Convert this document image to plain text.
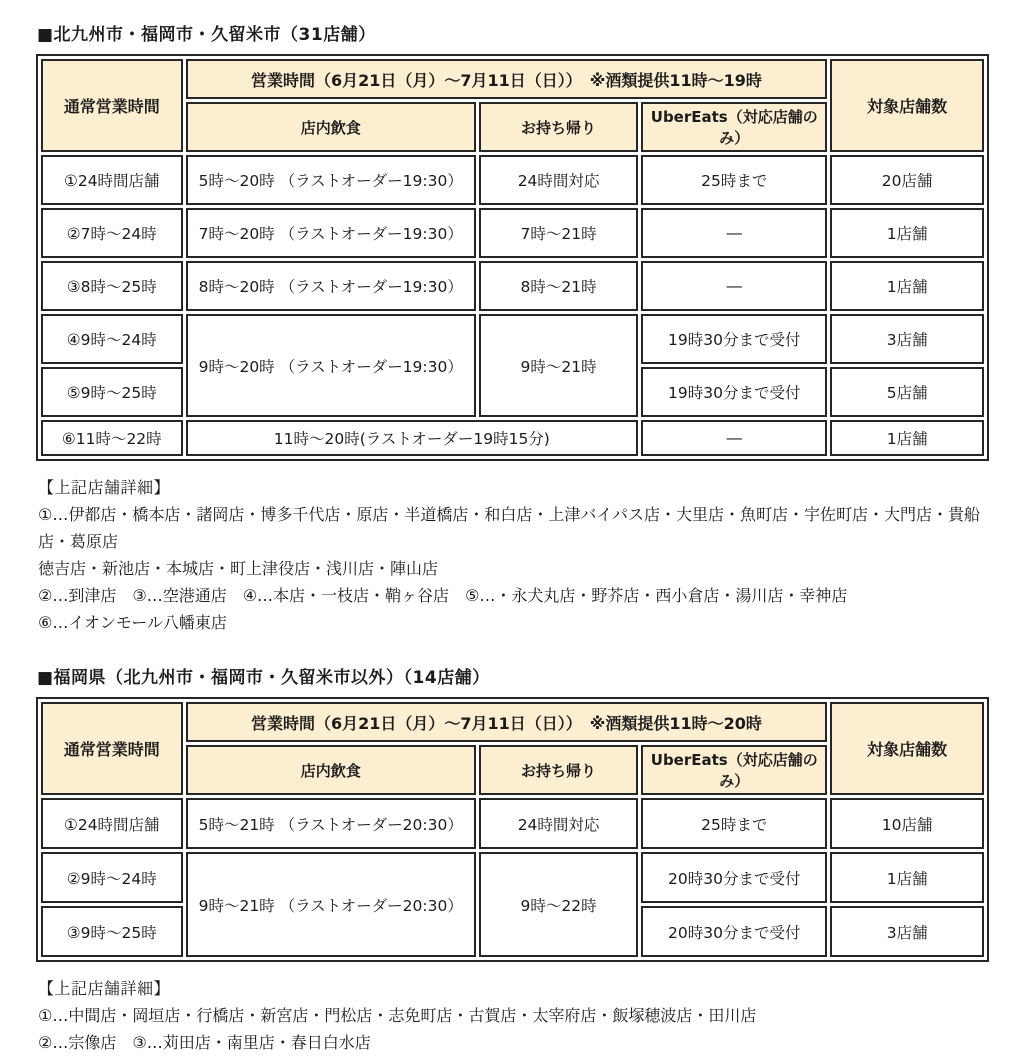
■北九州市・福岡市・久留米市（31店舗）

通常営業時間	営業時間（6月21日（月）～7月11日（日））　※酒類提供11時～19時			対象店舗数
	店内飲食	お持ち帰り	UberEats（対応店舗のみ）	
①24時間店舗	5時～20時 （ラストオーダー19:30）	24時間対応	25時まで	20店舗
②7時～24時	7時～20時 （ラストオーダー19:30）	7時～21時	―	1店舗
③8時～25時	8時～20時 （ラストオーダー19:30）	8時～21時	―	1店舗
④9時～24時	9時～20時 （ラストオーダー19:30）	9時～21時	19時30分まで受付	3店舗
⑤9時～25時			19時30分まで受付	5店舗
⑥11時～22時	11時～20時(ラストオーダー19時15分)		―	1店舗

【上記店舗詳細】

①…伊都店・橋本店・諸岡店・博多千代店・原店・半道橋店・和白店・上津バイパス店・大里店・魚町店・宇佐町店・大門店・貴船店・葛原店

徳吉店・新池店・本城店・町上津役店・浅川店・陣山店

②…到津店　③…空港通店　④…本店・一枝店・鞘ヶ谷店　⑤…・永犬丸店・野芥店・西小倉店・湯川店・幸神店

⑥…イオンモール八幡東店

■福岡県（北九州市・福岡市・久留米市以外）（14店舗）

通常営業時間	営業時間（6月21日（月）～7月11日（日））　※酒類提供11時～20時			対象店舗数
	店内飲食	お持ち帰り	UberEats（対応店舗のみ）	
①24時間店舗	5時～21時 （ラストオーダー20:30）	24時間対応	25時まで	10店舗
②9時～24時	9時～21時 （ラストオーダー20:30）	9時～22時	20時30分まで受付	1店舗
③9時～25時			20時30分まで受付	3店舗

【上記店舗詳細】

①…中間店・岡垣店・行橋店・新宮店・門松店・志免町店・古賀店・太宰府店・飯塚穂波店・田川店

②…宗像店　③…苅田店・南里店・春日白水店
